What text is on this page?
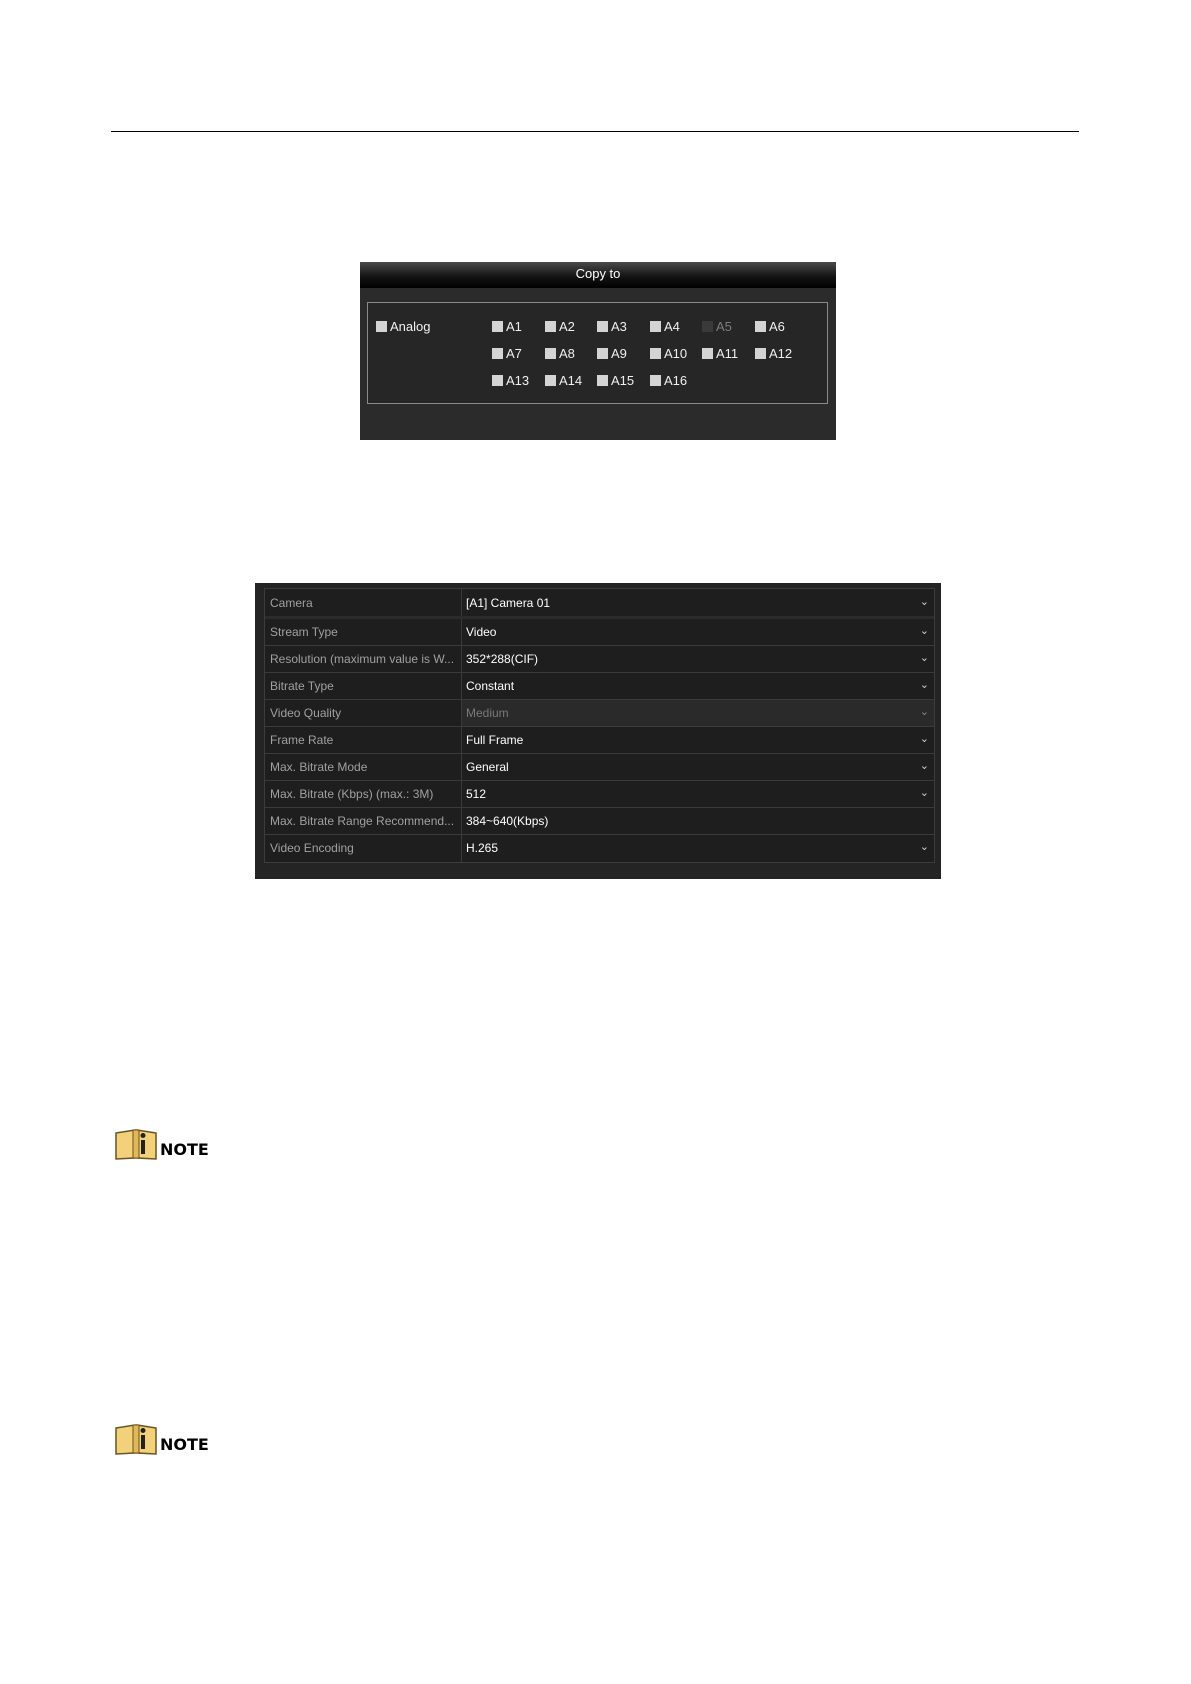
Copy to
Analog	A1	A2	A3	A4	A5	A6
A7	A8	A9	A10 A11 A12
A13 A14 A15 A16
Camera	[A1] Camera 01	⌄
Stream Type	Video	⌄
Resolution (maximum value is W... 352*288(CIF)	⌄
Bitrate Type	Constant	⌄
Video Quality	Medium	⌄
Frame Rate	Full Frame	⌄
Max. Bitrate Mode	General	⌄
Max. Bitrate (Kbps) (max.: 3M)	512	⌄
Max. Bitrate Range Recommend... 384~640(Kbps)
Video Encoding	H.265	⌄
NOTE
NOTE
